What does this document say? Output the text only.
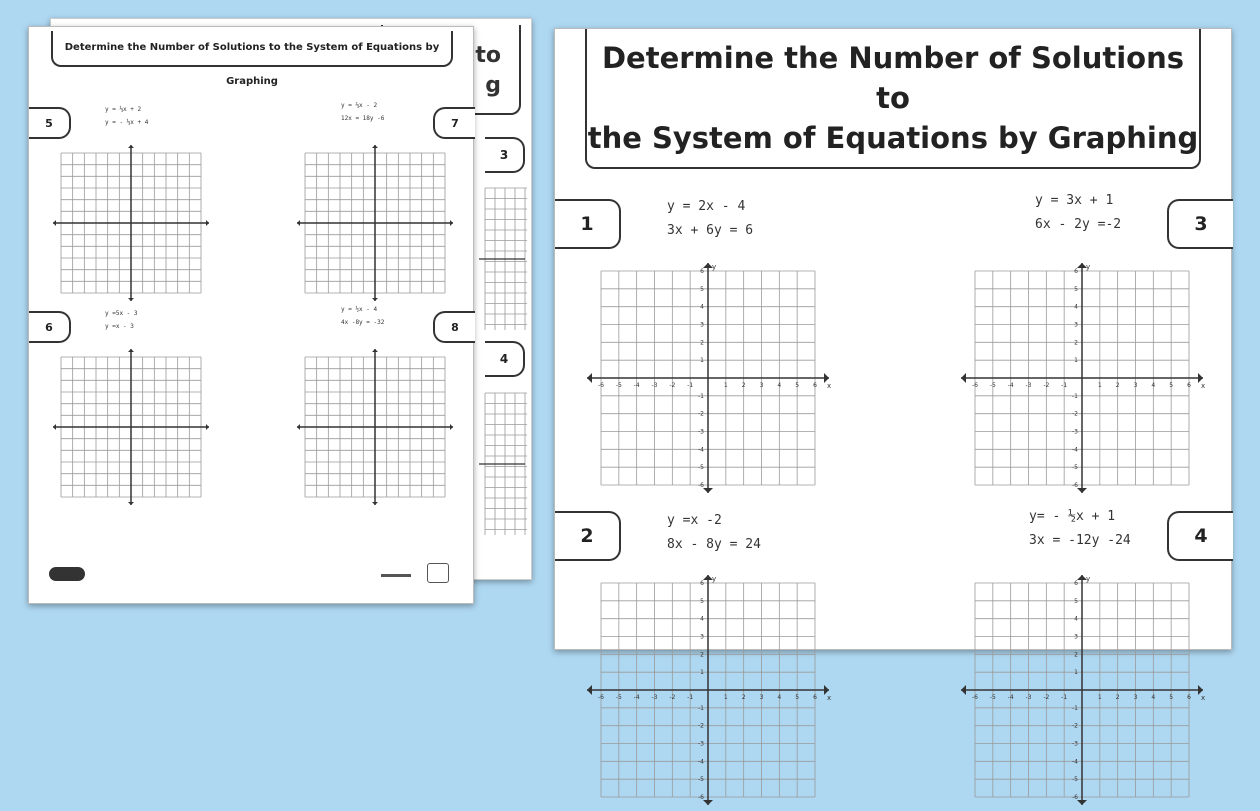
to
g
3
4
Determine the Number of Solutions to the System of Equations by Graphing
5
y = ⅓x + 2
y = - ⅓x + 4	7
y = ⅔x - 2
12x = 18y -6
6
y =5x - 3
y =x - 3	8
y = ½x - 4
4x -8y = -32
Determine the Number of Solutions to
the System of Equations by Graphing
1
y = 2x - 4
3x + 6y = 6
-6
-6
-5
-5
-4
-4
-3
-3
-2
-2
-1
-1
1
1
2
2
3
3
4
4
5
5
6
6
x
y
3
y = 3x + 1
6x - 2y =-2
-6
-6
-5
-5
-4
-4
-3
-3
-2
-2
-1
-1
1
1
2
2
3
3
4
4
5
5
6
6
x
y
2
y =x -2
8x - 8y = 24
-6
-6
-5
-5
-4
-4
-3
-3
-2
-2
-1
-1
1
1
2
2
3
3
4
4
5
5
6
6
x
y
4
y= - ½x + 1
3x = -12y -24
-6
-6
-5
-5
-4
-4
-3
-3
-2
-2
-1
-1
1
1
2
2
3
3
4
4
5
5
6
6
x
y
